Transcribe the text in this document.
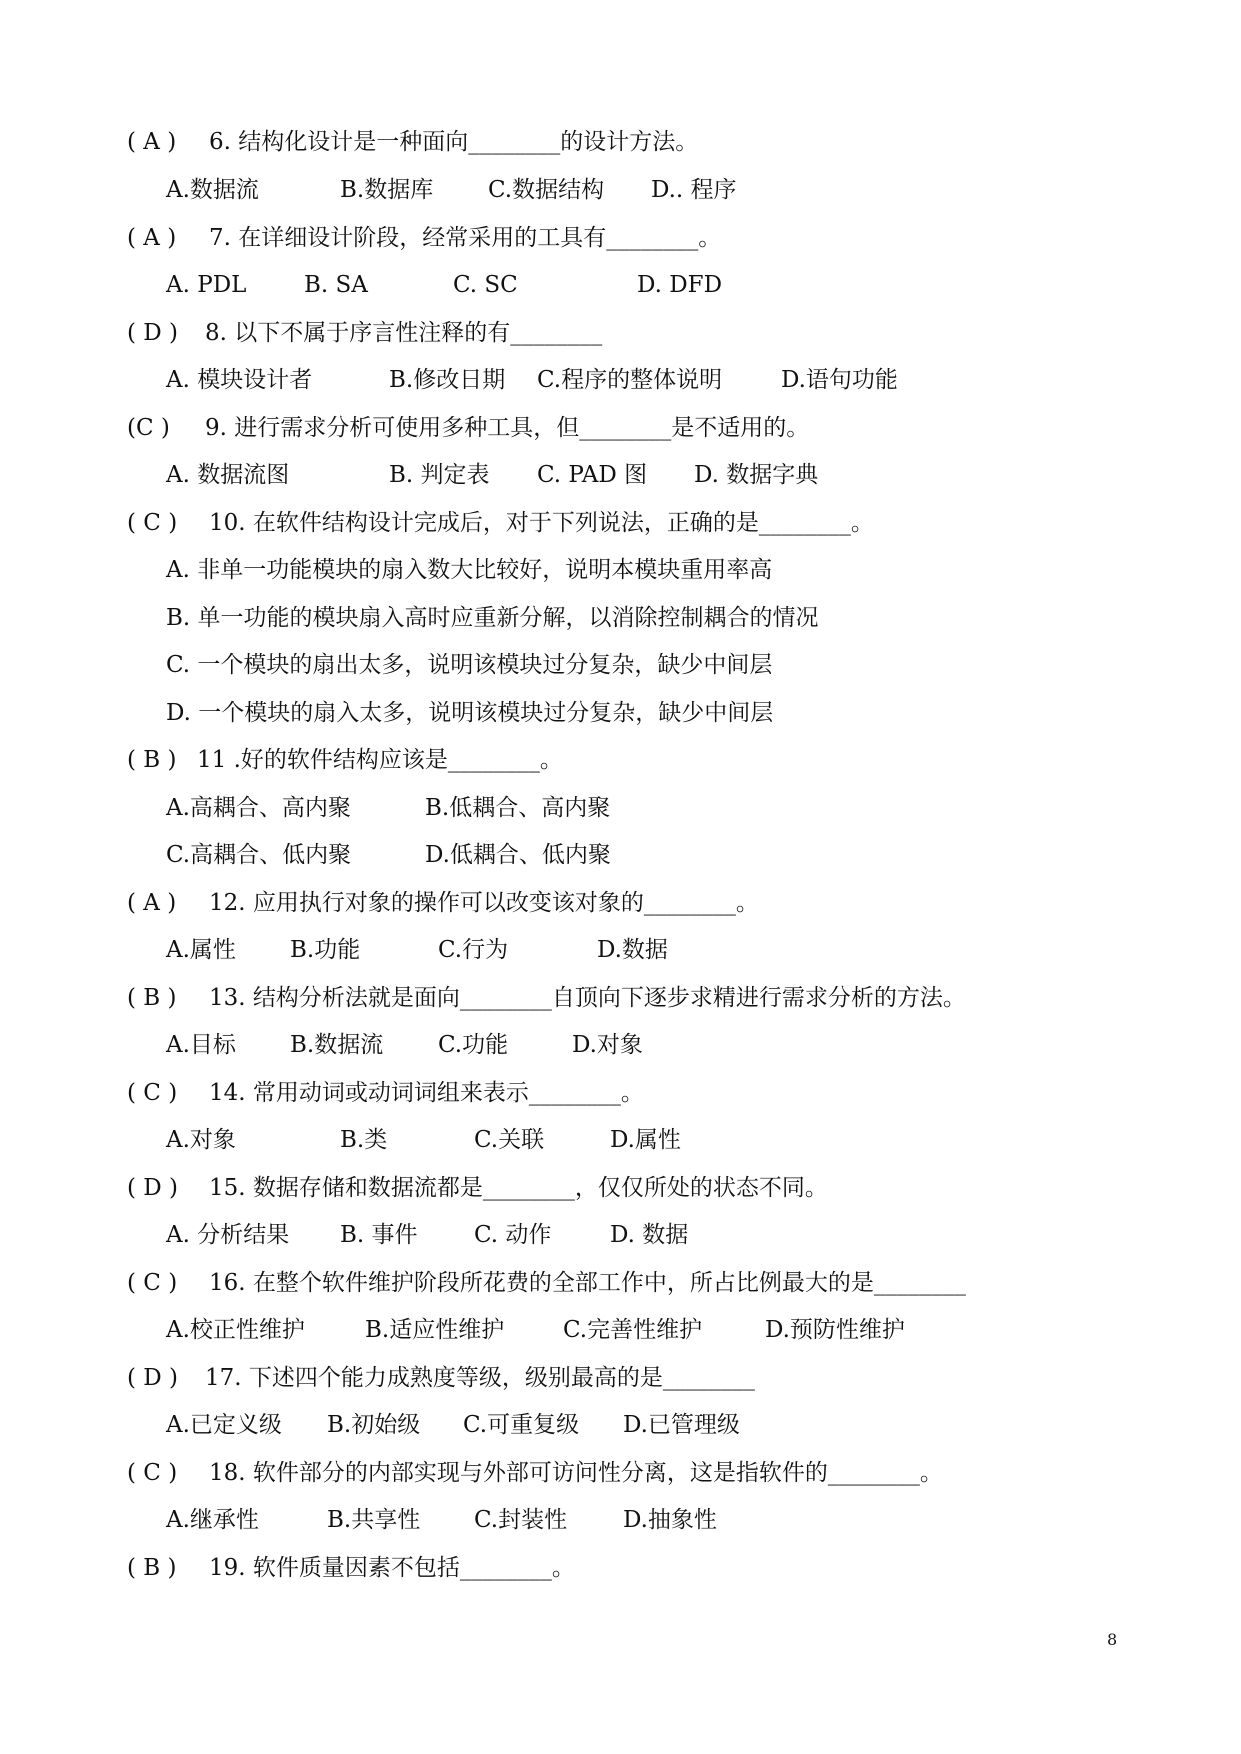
( A ) 6. 结构化设计是一种面向________的设计方法。
A.数据流	B.数据库 C.数据结构 D.. 程序
( A ) 7. 在详细设计阶段，经常采用的工具有________。
A. PDL	B. SA	C. SC	D. DFD
( D ) 8. 以下不属于序言性注释的有________
A. 模块设计者	B.修改日期 C.程序的整体说明	D.语句功能
(C ) 9. 进行需求分析可使用多种工具，但________是不适用的。
A. 数据流图	B. 判定表 C. PAD 图 D. 数据字典
( C ) 10. 在软件结构设计完成后，对于下列说法，正确的是________。
A. 非单一功能模块的扇入数大比较好，说明本模块重用率高
B. 单一功能的模块扇入高时应重新分解，以消除控制耦合的情况
C. 一个模块的扇出太多，说明该模块过分复杂，缺少中间层
D. 一个模块的扇入太多，说明该模块过分复杂，缺少中间层
( B ) 11 .好的软件结构应该是________。
A.高耦合、高内聚	B.低耦合、高内聚
C.高耦合、低内聚	D.低耦合、低内聚
( A ) 12. 应用执行对象的操作可以改变该对象的________。
A.属性 B.功能	C.行为	D.数据
( B ) 13. 结构分析法就是面向________自顶向下逐步求精进行需求分析的方法。
A.目标 B.数据流 C.功能	D.对象
( C ) 14. 常用动词或动词词组来表示________。
A.对象	B.类	C.关联	D.属性
( D ) 15. 数据存储和数据流都是________，仅仅所处的状态不同。
A. 分析结果 B. 事件 C. 动作	D. 数据
( C ) 16. 在整个软件维护阶段所花费的全部工作中，所占比例最大的是________
A.校正性维护	B.适应性维护	C.完善性维护	D.预防性维护
( D ) 17. 下述四个能力成熟度等级，级别最高的是________
A.已定义级 B.初始级 C.可重复级 D.已管理级
( C ) 18. 软件部分的内部实现与外部可访问性分离，这是指软件的________。
A.继承性	B.共享性 C.封装性 D.抽象性
( B ) 19. 软件质量因素不包括________。
8
